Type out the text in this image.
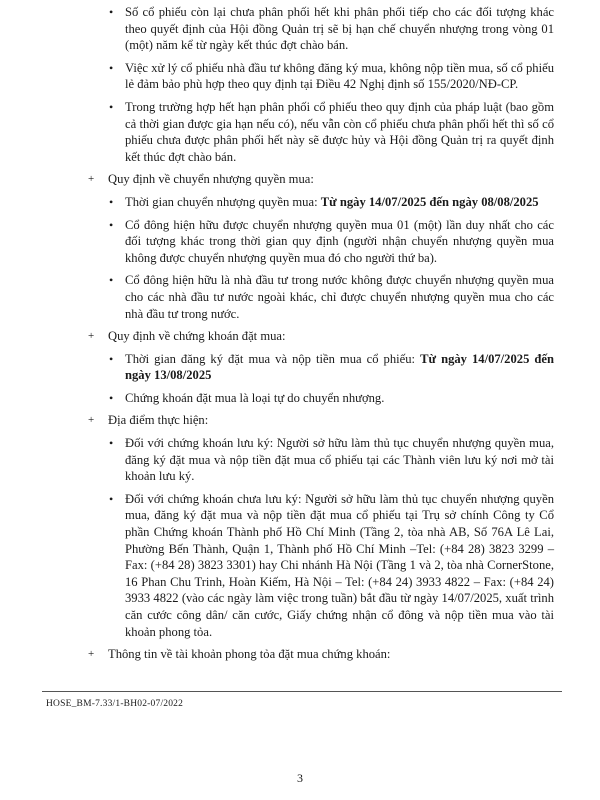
• Số cổ phiếu còn lại chưa phân phối hết khi phân phối tiếp cho các đối tượng khác theo quyết định của Hội đồng Quản trị sẽ bị hạn chế chuyển nhượng trong vòng 01 (một) năm kể từ ngày kết thúc đợt chào bán.

• Việc xử lý cổ phiếu nhà đầu tư không đăng ký mua, không nộp tiền mua, số cổ phiếu lẻ đảm bảo phù hợp theo quy định tại Điều 42 Nghị định số 155/2020/NĐ-CP.

• Trong trường hợp hết hạn phân phối cổ phiếu theo quy định của pháp luật (bao gồm cả thời gian được gia hạn nếu có), nếu vẫn còn cổ phiếu chưa phân phối hết thì số cổ phiếu chưa được phân phối hết này sẽ được hủy và Hội đồng Quản trị ra quyết định kết thúc đợt chào bán.

+ Quy định về chuyển nhượng quyền mua:

• Thời gian chuyển nhượng quyền mua: Từ ngày 14/07/2025 đến ngày 08/08/2025

• Cổ đông hiện hữu được chuyển nhượng quyền mua 01 (một) lần duy nhất cho các đối tượng khác trong thời gian quy định (người nhận chuyển nhượng quyền mua không được chuyển nhượng quyền mua đó cho người thứ ba).

• Cổ đông hiện hữu là nhà đầu tư trong nước không được chuyển nhượng quyền mua cho các nhà đầu tư nước ngoài khác, chỉ được chuyển nhượng quyền mua cho các nhà đầu tư trong nước.

+ Quy định về chứng khoán đặt mua:

• Thời gian đăng ký đặt mua và nộp tiền mua cổ phiếu: Từ ngày 14/07/2025 đến ngày 13/08/2025

• Chứng khoán đặt mua là loại tự do chuyển nhượng.

+ Địa điểm thực hiện:

• Đối với chứng khoán lưu ký: Người sở hữu làm thủ tục chuyển nhượng quyền mua, đăng ký đặt mua và nộp tiền đặt mua cổ phiếu tại các Thành viên lưu ký nơi mở tài khoản lưu ký.

• Đối với chứng khoán chưa lưu ký: Người sở hữu làm thủ tục chuyển nhượng quyền mua, đăng ký đặt mua và nộp tiền đặt mua cổ phiếu tại Trụ sở chính Công ty Cổ phần Chứng khoán Thành phố Hồ Chí Minh (Tầng 2, tòa nhà AB, Số 76A Lê Lai, Phường Bến Thành, Quận 1, Thành phố Hồ Chí Minh –Tel: (+84 28) 3823 3299 – Fax: (+84 28) 3823 3301) hay Chi nhánh Hà Nội (Tầng 1 và 2, tòa nhà CornerStone, 16 Phan Chu Trinh, Hoàn Kiếm, Hà Nội – Tel: (+84 24) 3933 4822 – Fax: (+84 24) 3933 4822 (vào các ngày làm việc trong tuần) bắt đầu từ ngày 14/07/2025, xuất trình căn cước công dân/ căn cước, Giấy chứng nhận cổ đông và nộp tiền mua vào tài khoản phong tỏa.

+ Thông tin về tài khoản phong tỏa đặt mua chứng khoán:

HOSE_BM-7.33/1-BH02-07/2022
3
